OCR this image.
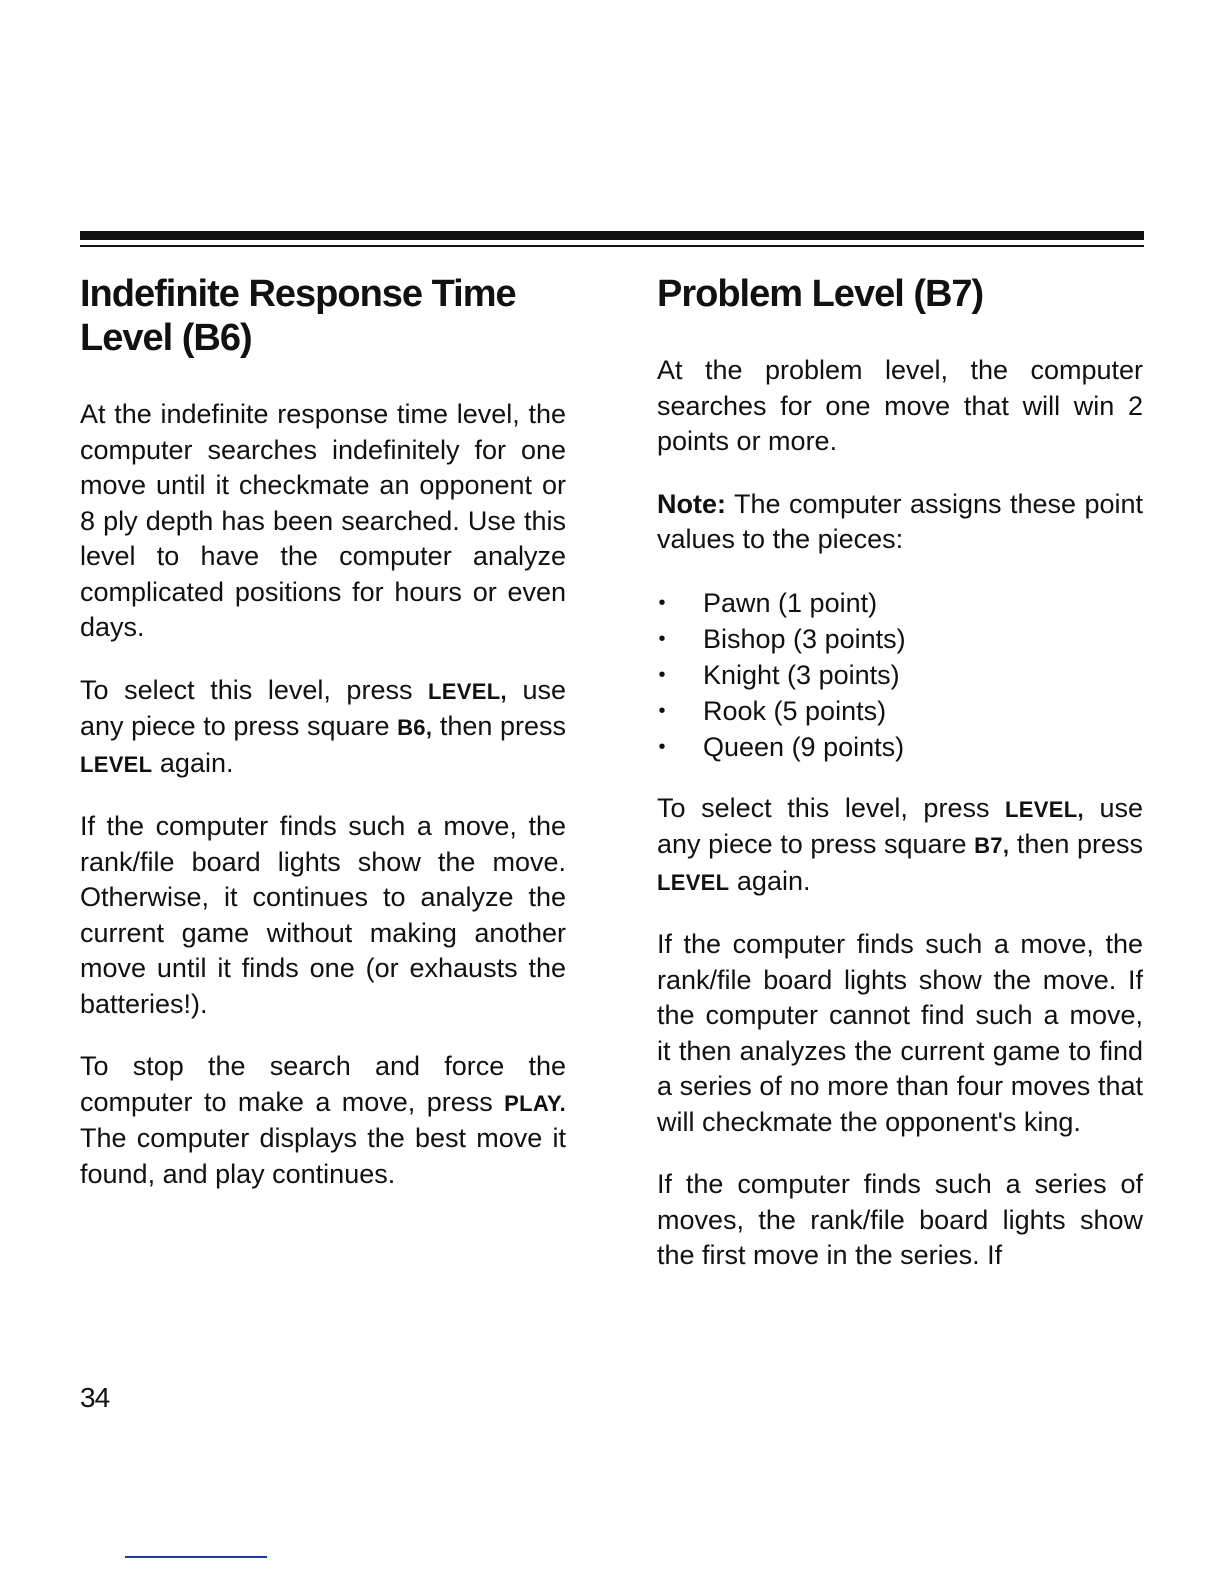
Indefinite Response Time Level (B6)

At the indefinite response time level, the computer searches indefinitely for one move until it checkmate an opponent or 8 ply depth has been searched. Use this level to have the computer analyze complicated positions for hours or even days.

To select this level, press LEVEL, use any piece to press square B6, then press LEVEL again.

If the computer finds such a move, the rank/file board lights show the move. Otherwise, it continues to analyze the current game without making another move until it finds one (or exhausts the batteries!).

To stop the search and force the computer to make a move, press PLAY. The computer displays the best move it found, and play continues.

Problem Level (B7)

At the problem level, the computer searches for one move that will win 2 points or more.

Note: The computer assigns these point values to the pieces:

• Pawn (1 point)
• Bishop (3 points)
• Knight (3 points)
• Rook (5 points)
• Queen (9 points)

To select this level, press LEVEL, use any piece to press square B7, then press LEVEL again.

If the computer finds such a move, the rank/file board lights show the move. If the computer cannot find such a move, it then analyzes the current game to find a series of no more than four moves that will checkmate the opponent's king.

If the computer finds such a series of moves, the rank/file board lights show the first move in the series. If

34
